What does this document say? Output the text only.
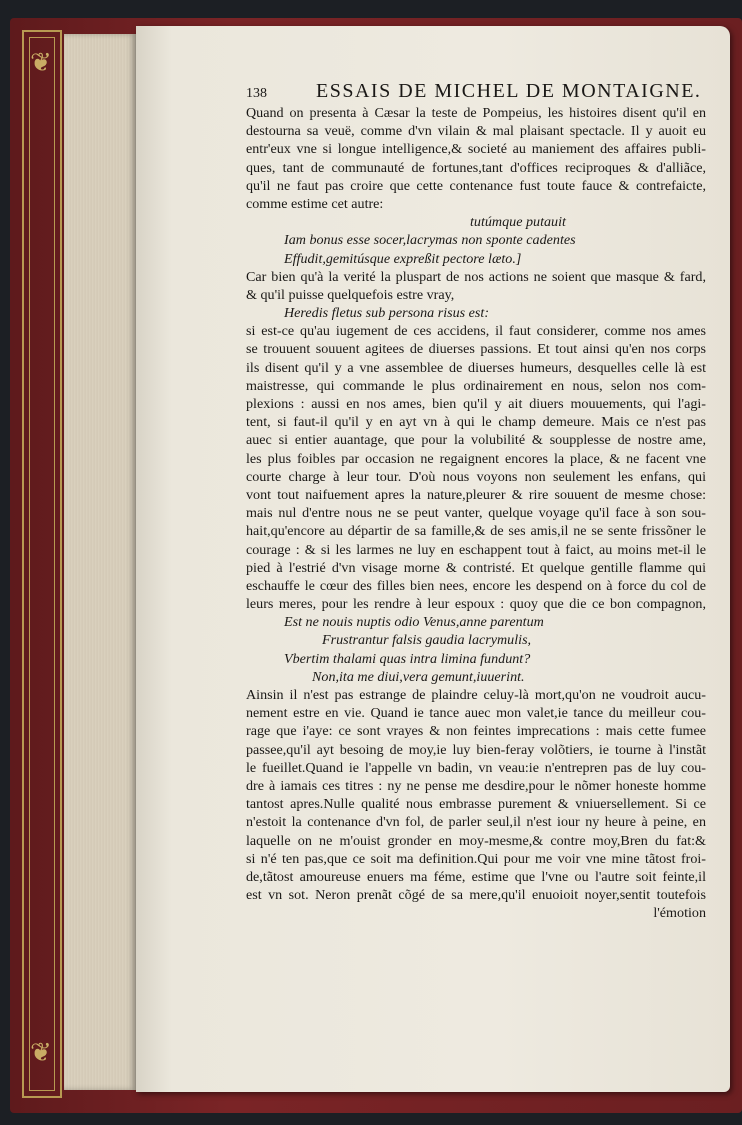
❦
❦
138 ESSAIS DE MICHEL DE MONTAIGNE.
Quand on presenta à Cæsar la teste de Pompeius, les histoires disent qu'il en
destourna sa veuë, comme d'vn vilain & mal plaisant spectacle. Il y auoit eu
entr'eux vne si longue intelligence,& societé au maniement des affaires publi-
ques, tant de communauté de fortunes,tant d'offices reciproques & d'alliãce,
qu'il ne faut pas croire que cette contenance fust toute fauce & contrefaicte,
comme estime cet autre:
tutúmque putauit
Iam bonus esse socer,lacrymas non sponte cadentes
Effudit,gemitúsque expreßit pectore læto.]
Car bien qu'à la verité la pluspart de nos actions ne soient que masque & fard,
& qu'il puisse quelquefois estre vray,
Heredis fletus sub persona risus est:
si est-ce qu'au iugement de ces accidens, il faut considerer, comme nos ames
se trouuent souuent agitees de diuerses passions. Et tout ainsi qu'en nos corps
ils disent qu'il y a vne assemblee de diuerses humeurs, desquelles celle là est
maistresse, qui commande le plus ordinairement en nous, selon nos com-
plexions : aussi en nos ames, bien qu'il y ait diuers mouuements, qui l'agi-
tent, si faut-il qu'il y en ayt vn à qui le champ demeure. Mais ce n'est pas
auec si entier auantage, que pour la volubilité & soupplesse de nostre ame,
les plus foibles par occasion ne regaignent encores la place, & ne facent vne
courte charge à leur tour. D'où nous voyons non seulement les enfans, qui
vont tout naifuement apres la nature,pleurer & rire souuent de mesme chose:
mais nul d'entre nous ne se peut vanter, quelque voyage qu'il face à son sou-
hait,qu'encore au départir de sa famille,& de ses amis,il ne se sente frissõner le
courage : & si les larmes ne luy en eschappent tout à faict, au moins met-il le
pied à l'estrié d'vn visage morne & contristé. Et quelque gentille flamme qui
eschauffe le cœur des filles bien nees, encore les despend on à force du col de
leurs meres, pour les rendre à leur espoux : quoy que die ce bon compagnon,
Est ne nouis nuptis odio Venus,anne parentum
Frustrantur falsis gaudia lacrymulis,
Vbertim thalami quas intra limina fundunt?
Non,ita me diui,vera gemunt,iuuerint.
Ainsin il n'est pas estrange de plaindre celuy-là mort,qu'on ne voudroit aucu-
nement estre en vie. Quand ie tance auec mon valet,ie tance du meilleur cou-
rage que i'aye: ce sont vrayes & non feintes imprecations : mais cette fumee
passee,qu'il ayt besoing de moy,ie luy bien-feray volõtiers, ie tourne à l'instãt
le fueillet.Quand ie l'appelle vn badin, vn veau:ie n'entrepren pas de luy cou-
dre à iamais ces titres : ny ne pense me desdire,pour le nõmer honeste homme
tantost apres.Nulle qualité nous embrasse purement & vniuersellement. Si ce
n'estoit la contenance d'vn fol, de parler seul,il n'est iour ny heure à peine, en
laquelle on ne m'ouist gronder en moy-mesme,& contre moy,Bren du fat:&
si n'é ten pas,que ce soit ma definition.Qui pour me voir vne mine tãtost froi-
de,tãtost amoureuse enuers ma féme, estime que l'vne ou l'autre soit feinte,il
est vn sot. Neron prenãt cõgé de sa mere,qu'il enuoioit noyer,sentit toutefois
l'émotion
